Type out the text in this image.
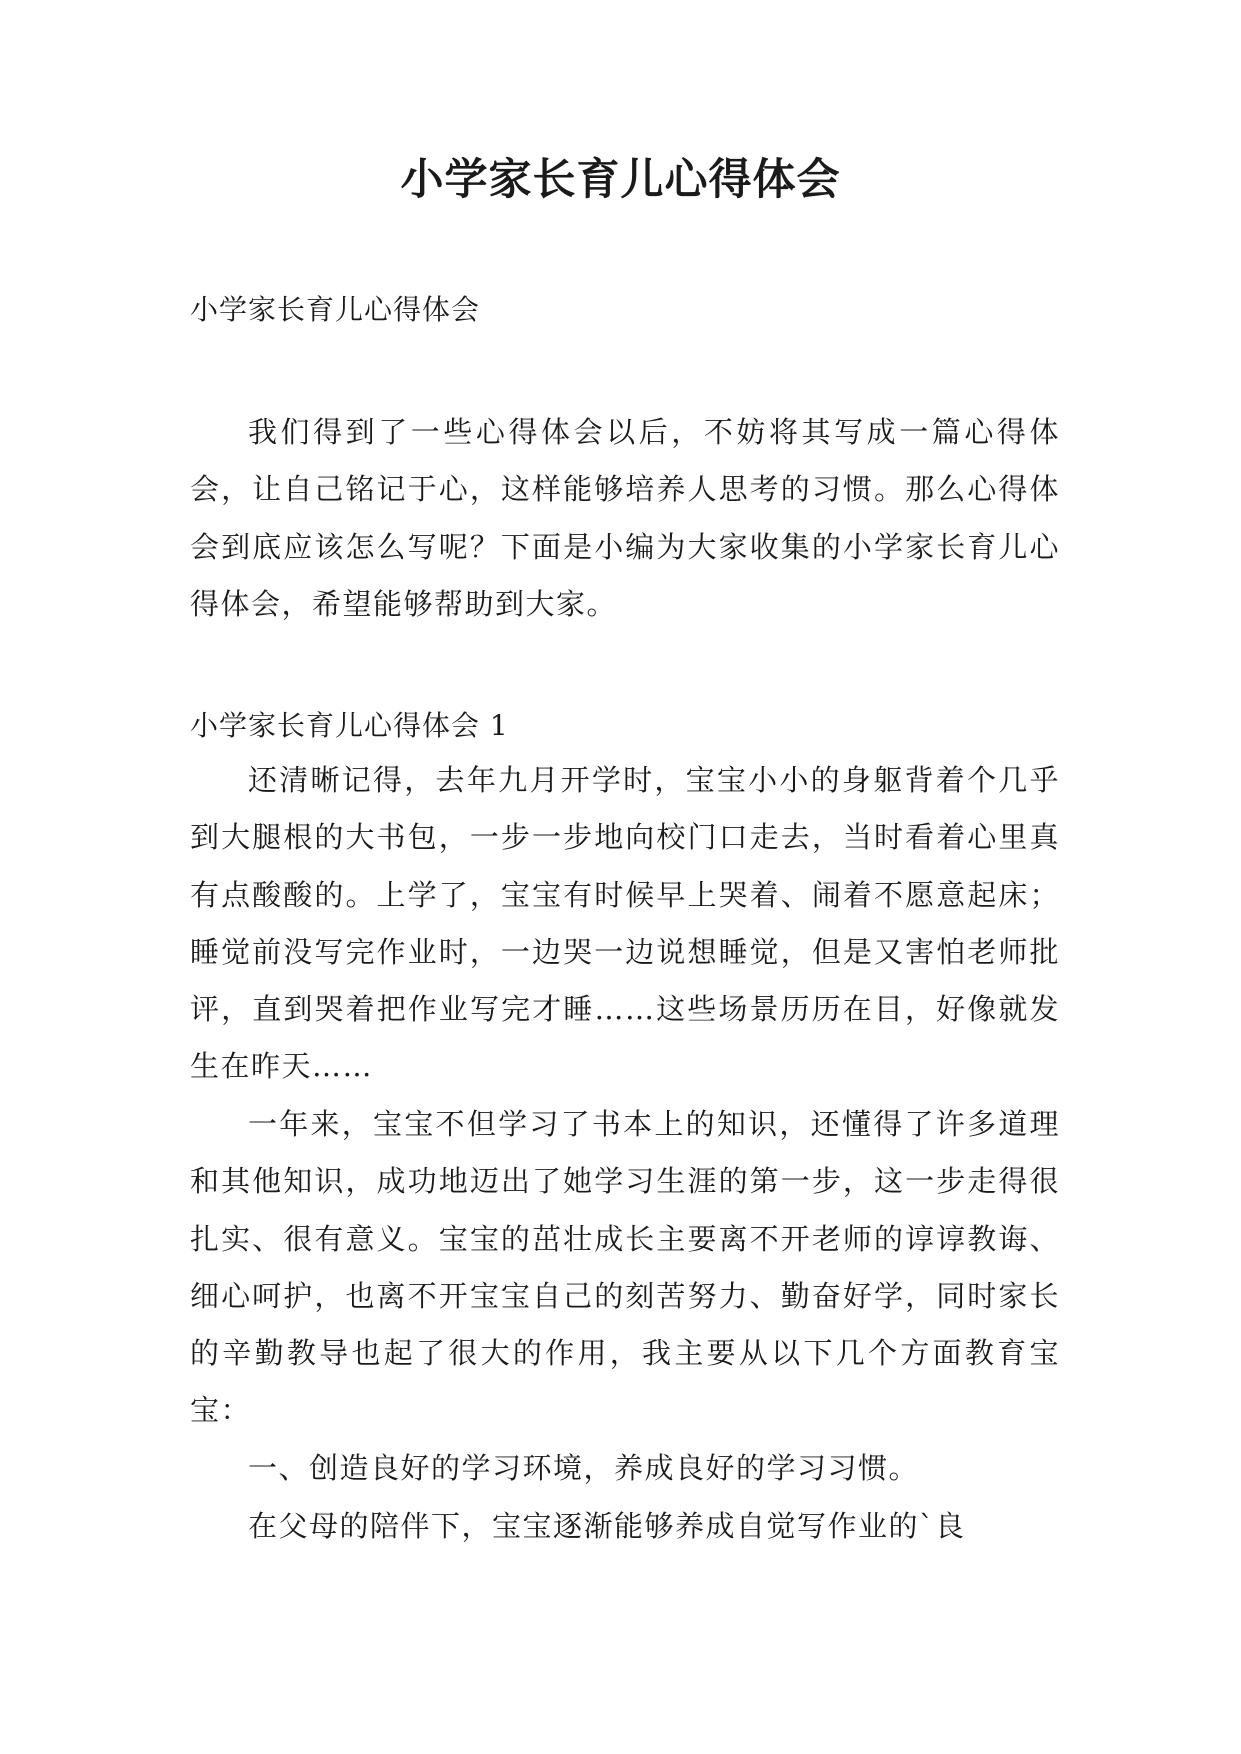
小学家长育儿心得体会
小学家长育儿心得体会

我们得到了一些心得体会以后，不妨将其写成一篇心得体会，让自己铭记于心，这样能够培养人思考的习惯。那么心得体会到底应该怎么写呢？下面是小编为大家收集的小学家长育儿心得体会，希望能够帮助到大家。

小学家长育儿心得体会 1

还清晰记得，去年九月开学时，宝宝小小的身躯背着个几乎到大腿根的大书包，一步一步地向校门口走去，当时看着心里真有点酸酸的。上学了，宝宝有时候早上哭着、闹着不愿意起床；睡觉前没写完作业时，一边哭一边说想睡觉，但是又害怕老师批评，直到哭着把作业写完才睡……这些场景历历在目，好像就发生在昨天……

一年来，宝宝不但学习了书本上的知识，还懂得了许多道理和其他知识，成功地迈出了她学习生涯的第一步，这一步走得很扎实、很有意义。宝宝的茁壮成长主要离不开老师的谆谆教诲、细心呵护，也离不开宝宝自己的刻苦努力、勤奋好学，同时家长的辛勤教导也起了很大的作用，我主要从以下几个方面教育宝宝：

一、创造良好的学习环境，养成良好的学习习惯。

在父母的陪伴下，宝宝逐渐能够养成自觉写作业的`良
